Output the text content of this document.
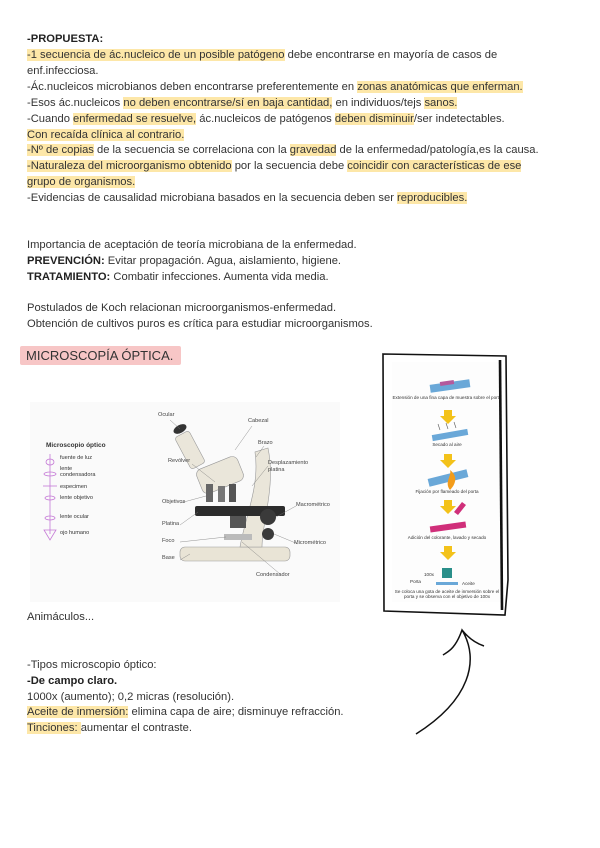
-PROPUESTA:
-1 secuencia de ác.nucleico de un posible patógeno debe encontrarse en mayoría de casos de
enf.infecciosa.
-Ác.nucleicos microbianos deben encontrarse preferentemente en zonas anatómicas que enferman.
-Esos ác.nucleicos no deben encontrarse/sí en baja cantidad, en individuos/tejs sanos.
-Cuando enfermedad se resuelve, ác.nucleicos de patógenos deben disminuir/ser indetectables.
Con recaída clínica al contrario.
-Nº de copias de la secuencia se correlaciona con la gravedad de la enfermedad/patología,es la causa.
-Naturaleza del microorganismo obtenido por la secuencia debe coincidir con características de ese
grupo de organismos.
-Evidencias de causalidad microbiana basados en la secuencia deben ser reproducibles.
Importancia de aceptación de teoría microbiana de la enfermedad.
PREVENCIÓN: Evitar propagación. Agua, aislamiento, higiene.
TRATAMIENTO: Combatir infecciones. Aumenta vida media.
Postulados de Koch relacionan microorganismos-enfermedad.
Obtención de cultivos puros es crítica para estudiar microorganismos.
MICROSCOPÍA ÓPTICA.
Microscopio óptico
fuente de luz
lente condensadora
especimen
lente objetivo
lente ocular
ojo humano
Ocular
Cabezal
Brazo
Revólver	Desplazamiento platina
Objetivos	Macrométrico
Platina
Foco	Micrométrico
Base
Condensador
Extensión de una fina capa de muestra sobre el porta
Secado al aire
Fijación por flameado del porta
Adición del colorante, lavado y secado
100x
Porta	Aceite
Se coloca una gota de aceite de inmersión sobre el porta y se observa con el objetivo de 100x
Animáculos...
-Tipos microscopio óptico:
-De campo claro.
1000x (aumento); 0,2 micras (resolución).
Aceite de inmersión: elimina capa de aire; disminuye refracción.
Tinciones: aumentar el contraste.
